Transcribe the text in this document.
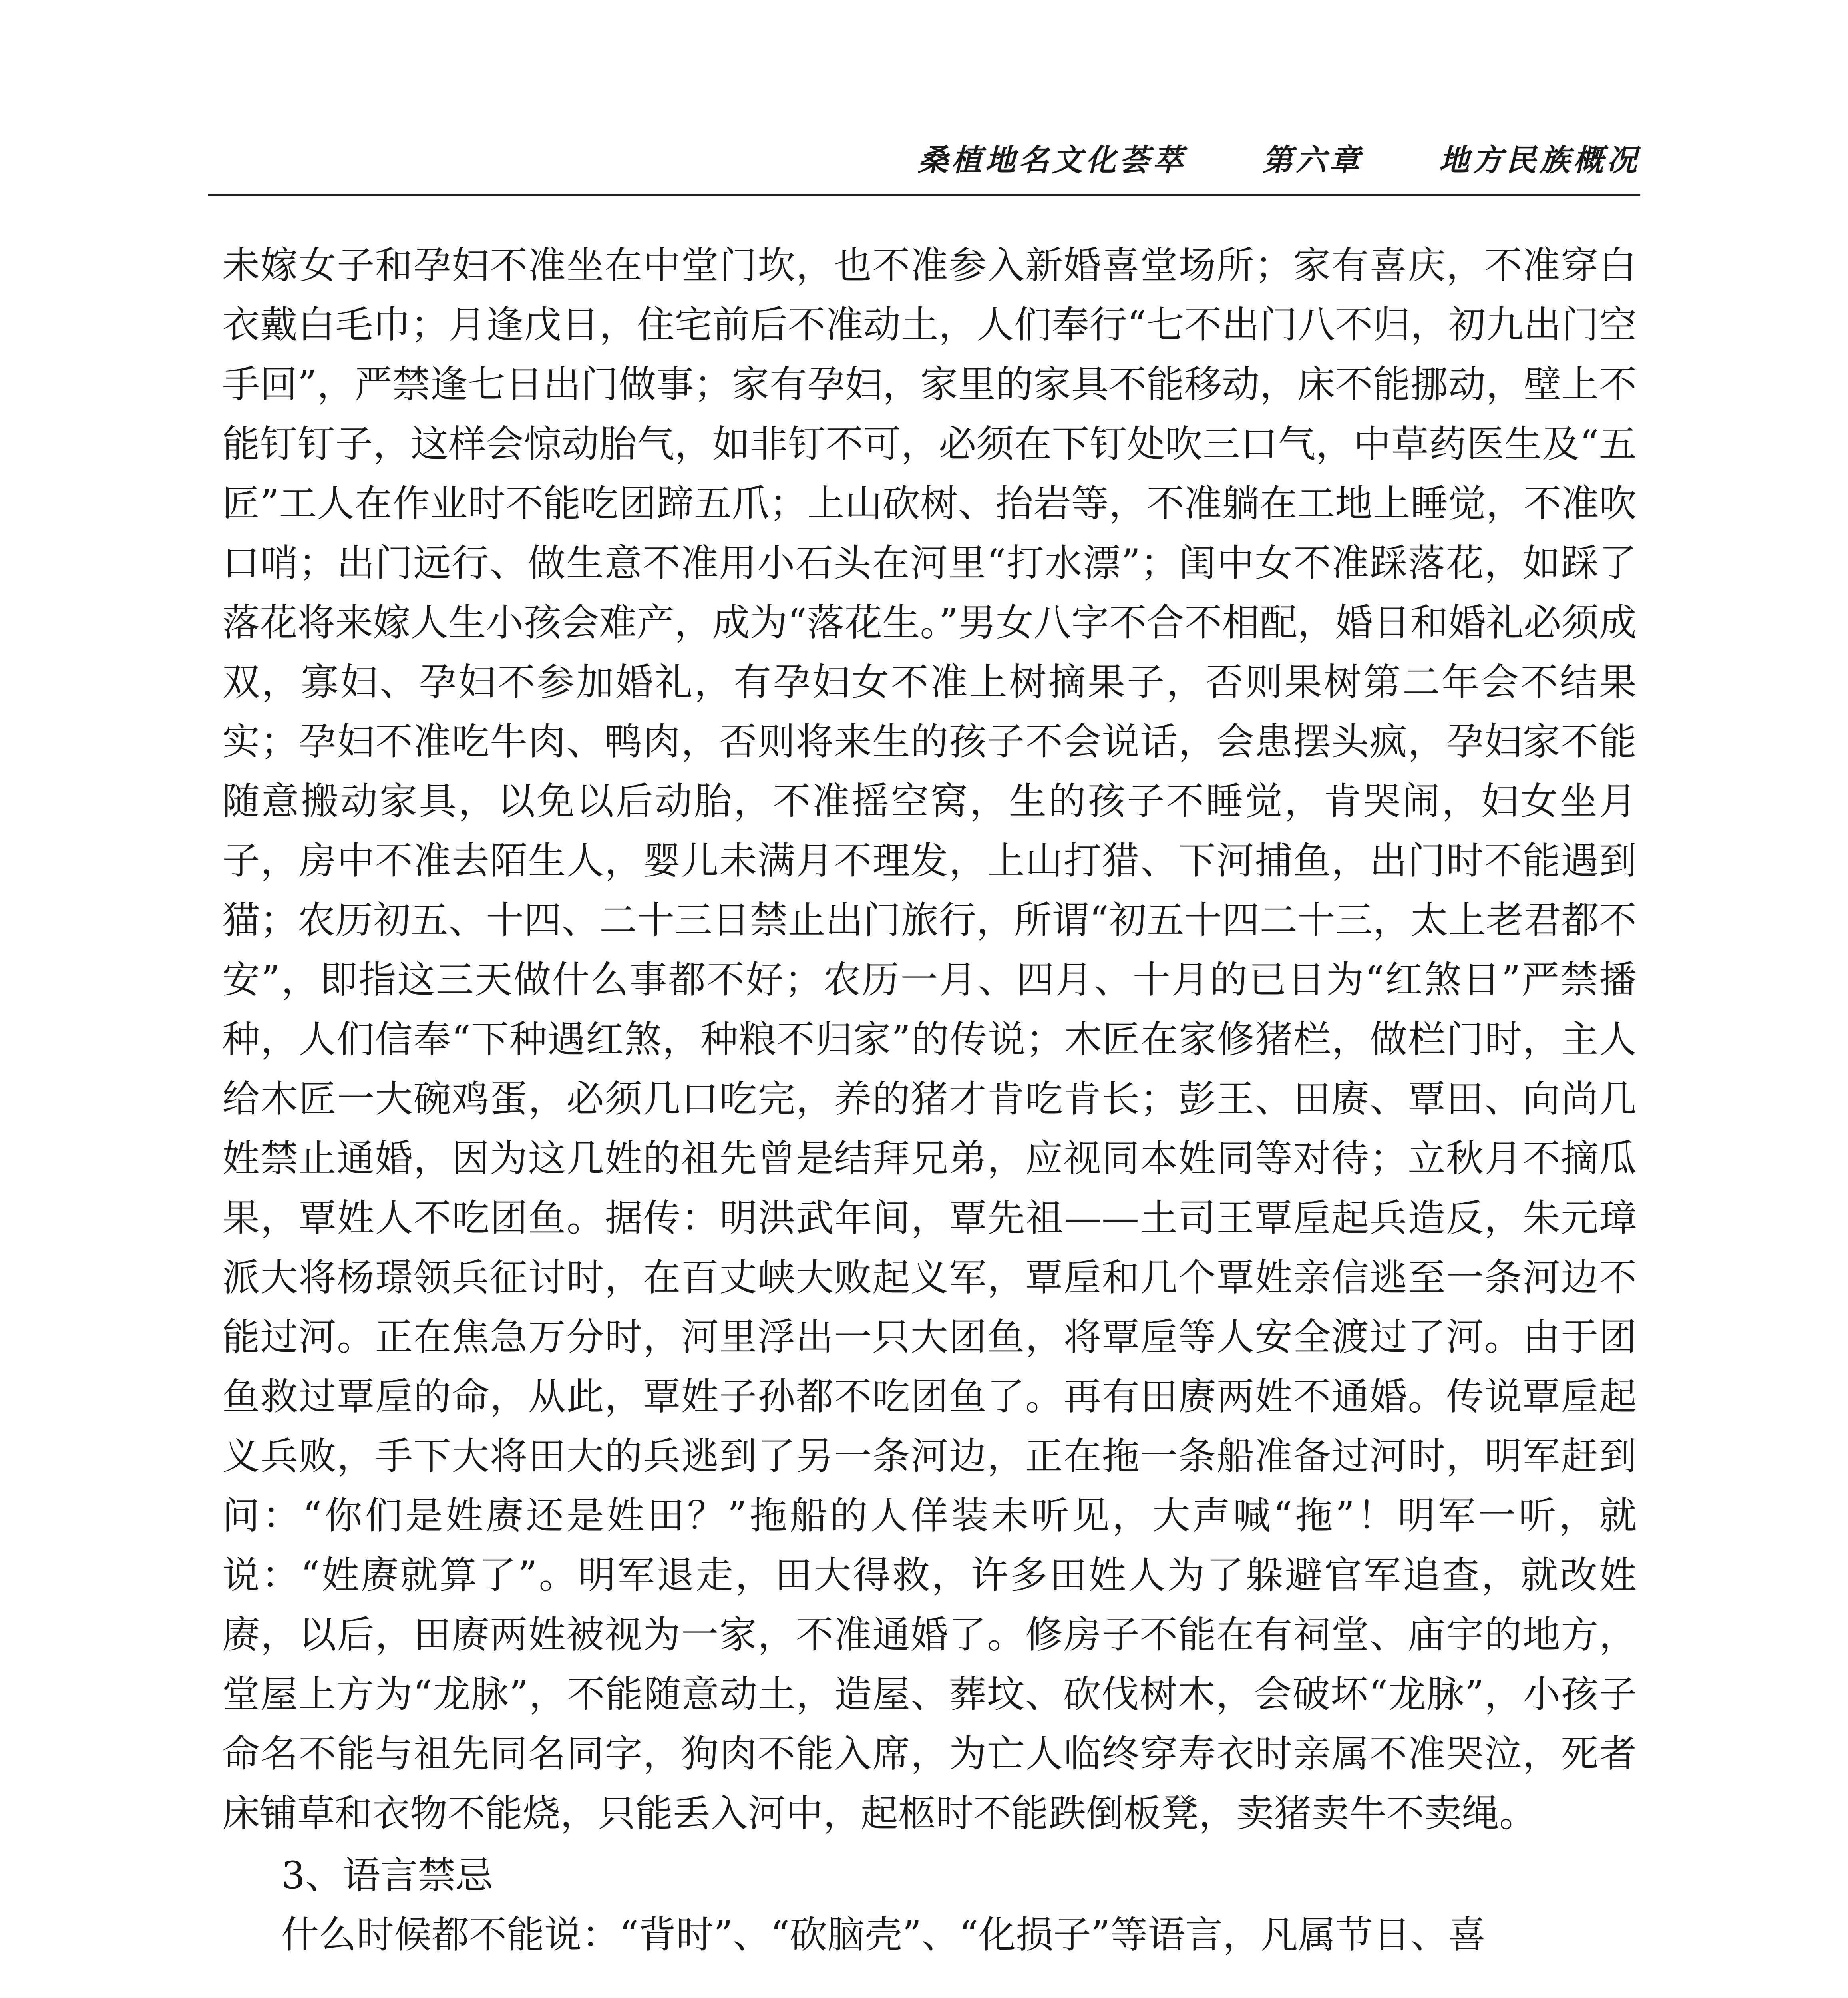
桑植地名文化荟萃	第六章	地方民族概况

未嫁女子和孕妇不准坐在中堂门坎，也不准参入新婚喜堂场所；家有喜庆，不准穿白衣戴白毛巾；月逢戊日，住宅前后不准动土，人们奉行“七不出门八不归，初九出门空手回”，严禁逢七日出门做事；家有孕妇，家里的家具不能移动，床不能挪动，壁上不能钉钉子，这样会惊动胎气，如非钉不可，必须在下钉处吹三口气，中草药医生及“五匠”工人在作业时不能吃团蹄五爪；上山砍树、抬岩等，不准躺在工地上睡觉，不准吹口哨；出门远行、做生意不准用小石头在河里“打水漂”；闺中女不准踩落花，如踩了落花将来嫁人生小孩会难产，成为“落花生。”男女八字不合不相配，婚日和婚礼必须成双，寡妇、孕妇不参加婚礼，有孕妇女不准上树摘果子，否则果树第二年会不结果实；孕妇不准吃牛肉、鸭肉，否则将来生的孩子不会说话，会患摆头疯，孕妇家不能随意搬动家具，以免以后动胎，不准摇空窝，生的孩子不睡觉，肯哭闹，妇女坐月子，房中不准去陌生人，婴儿未满月不理发，上山打猎、下河捕鱼，出门时不能遇到猫；农历初五、十四、二十三日禁止出门旅行，所谓“初五十四二十三，太上老君都不安”，即指这三天做什么事都不好；农历一月、四月、十月的已日为“红煞日”严禁播种，人们信奉“下种遇红煞，种粮不归家”的传说；木匠在家修猪栏，做栏门时，主人给木匠一大碗鸡蛋，必须几口吃完，养的猪才肯吃肯长；彭王、田赓、覃田、向尚几姓禁止通婚，因为这几姓的祖先曾是结拜兄弟，应视同本姓同等对待；立秋月不摘瓜果，覃姓人不吃团鱼。据传：明洪武年间，覃先祖——土司王覃垕起兵造反，朱元璋派大将杨璟领兵征讨时，在百丈峡大败起义军，覃垕和几个覃姓亲信逃至一条河边不能过河。正在焦急万分时，河里浮出一只大团鱼，将覃垕等人安全渡过了河。由于团鱼救过覃垕的命，从此，覃姓子孙都不吃团鱼了。再有田赓两姓不通婚。传说覃垕起义兵败，手下大将田大的兵逃到了另一条河边，正在拖一条船准备过河时，明军赶到问：“你们是姓赓还是姓田？”拖船的人佯装未听见，大声喊“拖”！明军一听，就说：“姓赓就算了”。明军退走，田大得救，许多田姓人为了躲避官军追查，就改姓赓，以后，田赓两姓被视为一家，不准通婚了。修房子不能在有祠堂、庙宇的地方，堂屋上方为“龙脉”，不能随意动土，造屋、葬坟、砍伐树木，会破坏“龙脉”，小孩子命名不能与祖先同名同字，狗肉不能入席，为亡人临终穿寿衣时亲属不准哭泣，死者床铺草和衣物不能烧，只能丢入河中，起柩时不能跌倒板凳，卖猪卖牛不卖绳。

3、语言禁忌

什么时候都不能说：“背时”、“砍脑壳”、“化损子”等语言，凡属节日、喜
